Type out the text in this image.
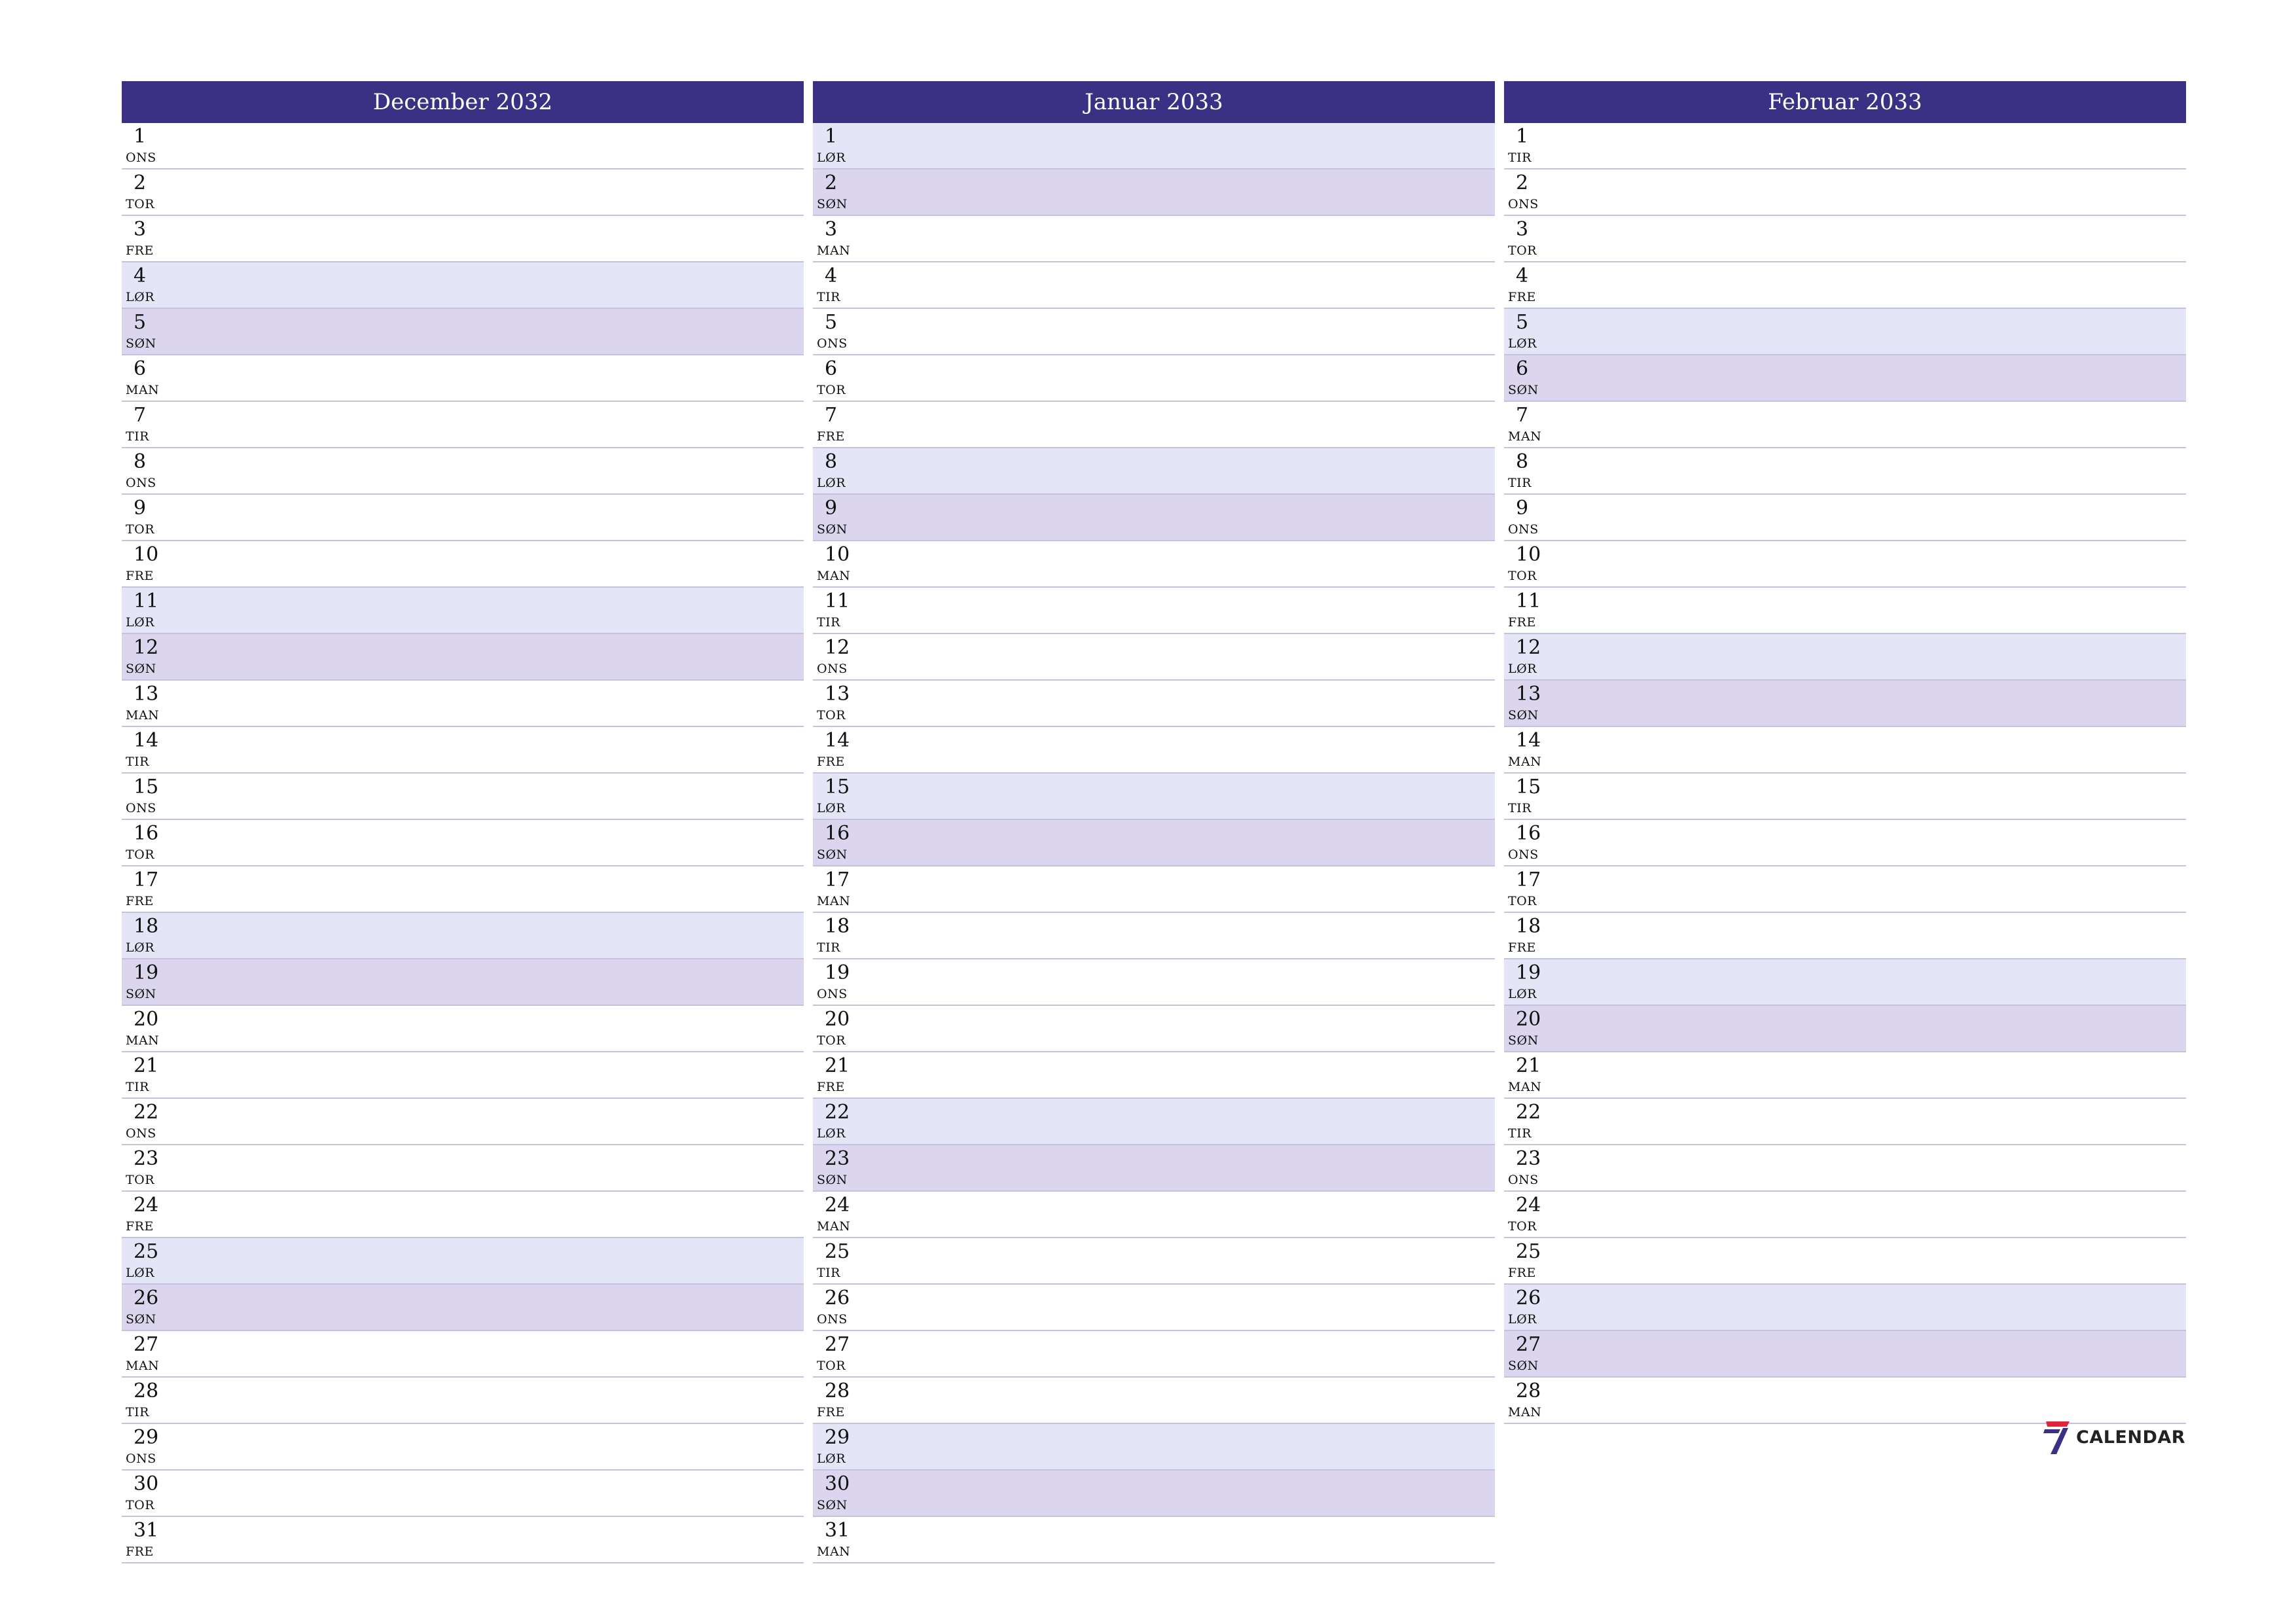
December 2032
1
ONS
2
TOR
3
FRE
4
LØR
5
SØN
6
MAN
7
TIR
8
ONS
9
TOR
10
FRE
11
LØR
12
SØN
13
MAN
14
TIR
15
ONS
16
TOR
17
FRE
18
LØR
19
SØN
20
MAN
21
TIR
22
ONS
23
TOR
24
FRE
25
LØR
26
SØN
27
MAN
28
TIR
29
ONS
30
TOR
31
FRE
Januar 2033
1
LØR
2
SØN
3
MAN
4
TIR
5
ONS
6
TOR
7
FRE
8
LØR
9
SØN
10
MAN
11
TIR
12
ONS
13
TOR
14
FRE
15
LØR
16
SØN
17
MAN
18
TIR
19
ONS
20
TOR
21
FRE
22
LØR
23
SØN
24
MAN
25
TIR
26
ONS
27
TOR
28
FRE
29
LØR
30
SØN
31
MAN
Februar 2033
1
TIR
2
ONS
3
TOR
4
FRE
5
LØR
6
SØN
7
MAN
8
TIR
9
ONS
10
TOR
11
FRE
12
LØR
13
SØN
14
MAN
15
TIR
16
ONS
17
TOR
18
FRE
19
LØR
20
SØN
21
MAN
22
TIR
23
ONS
24
TOR
25
FRE
26
LØR
27
SØN
28
MAN
CALENDAR
